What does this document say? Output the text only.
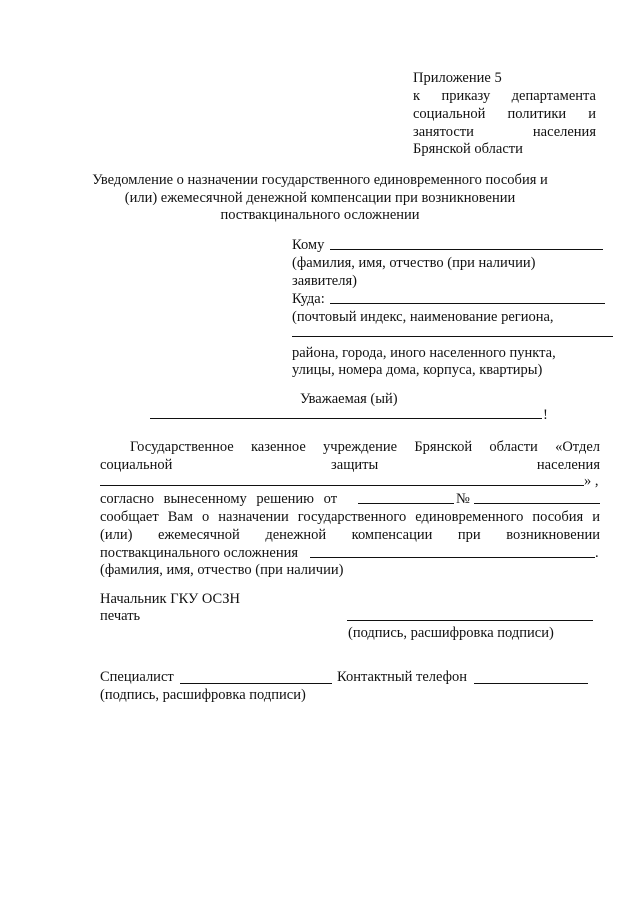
Приложение 5
к приказу департамента
социальной политики и
занятости населения
Брянской области
Уведомление о назначении государственного единовременного пособия и
(или) ежемесячной денежной компенсации при возникновении
поствакцинального осложнении
Кому
(фамилия, имя, отчество (при наличии)
заявителя)
Куда:
(почтовый индекс, наименование региона,
района, города, иного населенного пункта,
улицы, номера дома, корпуса, квартиры)
Уважаемая (ый)
!
Государственное казенное учреждение Брянской области «Отдел
социальной защиты населения
» ,
согласно вынесенному решению от	№
сообщает Вам о назначении государственного единовременного пособия и
(или) ежемесячной денежной компенсации при возникновении
поствакцинального осложнения	.
(фамилия, имя, отчество (при наличии)
Начальник ГКУ ОСЗН
печать
(подпись, расшифровка подписи)
Специалист	Контактный телефон
(подпись, расшифровка подписи)
